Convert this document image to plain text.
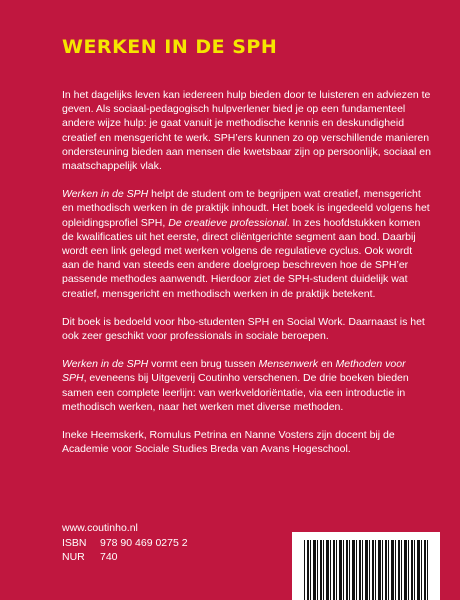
WERKEN IN DE SPH

In het dagelijks leven kan iedereen hulp bieden door te luisteren en adviezen te geven. Als sociaal-pedagogisch hulpverlener bied je op een fundamenteel andere wijze hulp: je gaat vanuit je methodische kennis en deskundigheid creatief en mensgericht te werk. SPH’ers kunnen zo op verschillende manieren ondersteuning bieden aan mensen die kwetsbaar zijn op persoonlijk, sociaal en maatschappelijk vlak.

Werken in de SPH helpt de student om te begrijpen wat creatief, mensgericht en methodisch werken in de praktijk inhoudt. Het boek is ingedeeld volgens het opleidingsprofiel SPH, De creatieve professional. In zes hoofdstukken komen de kwalificaties uit het eerste, direct cliëntgerichte segment aan bod. Daarbij wordt een link gelegd met werken volgens de regulatieve cyclus. Ook wordt aan de hand van steeds een andere doelgroep beschreven hoe de SPH’er passende methodes aanwendt. Hierdoor ziet de SPH-student duidelijk wat creatief, mensgericht en methodisch werken in de praktijk betekent.

Dit boek is bedoeld voor hbo-studenten SPH en Social Work. Daarnaast is het ook zeer geschikt voor professionals in sociale beroepen.

Werken in de SPH vormt een brug tussen Mensenwerk en Methoden voor SPH, eveneens bij Uitgeverij Coutinho verschenen. De drie boeken bieden samen een complete leerlijn: van werkveldoriëntatie, via een introductie in methodisch werken, naar het werken met diverse methoden.

Ineke Heemskerk, Romulus Petrina en Nanne Vosters zijn docent bij de Academie voor Sociale Studies Breda van Avans Hogeschool.

www.coutinho.nl
ISBN 978 90 469 0275 2
NUR 740
